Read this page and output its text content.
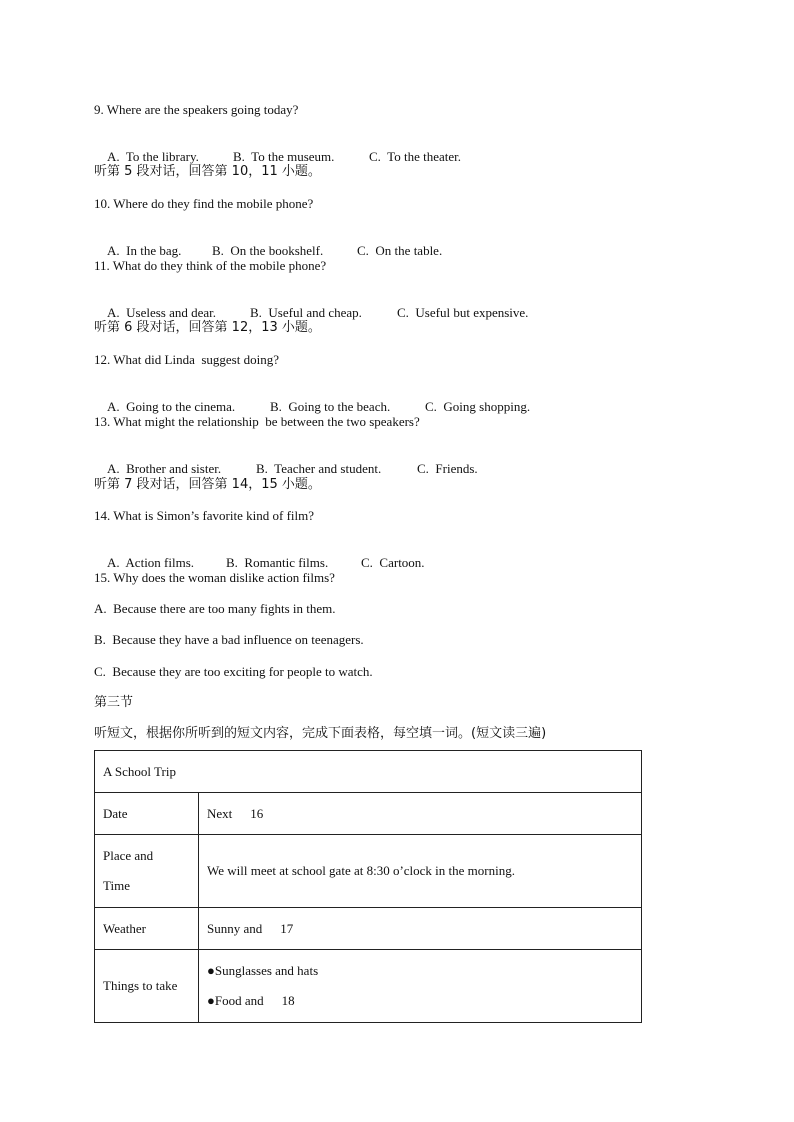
9. Where are the speakers going today?

A.  To the library.	B.  To the museum.	C.  To the theater.

听第 5 段对话，回答第 10，11 小题。
10. Where do they find the mobile phone?

A.  In the bag. B.  On the bookshelf.	C.  On the table.

11. What do they think of the mobile phone?

A.  Useless and dear.	B.  Useful and cheap.	C.  Useful but expensive.

听第 6 段对话，回答第 12，13 小题。
12. What did Linda  suggest doing?

A.  Going to the cinema.	B.  Going to the beach.	C.  Going shopping.

13. What might the relationship  be between the two speakers?

A.  Brother and sister.	B.  Teacher and student.	C.  Friends.

听第 7 段对话，回答第 14，15 小题。
14. What is Simon’s favorite kind of film?

A.  Action films. B.  Romantic films.	C.  Cartoon.

15. Why does the woman dislike action films?
A.  Because there are too many fights in them.
B.  Because they have a bad influence on teenagers.
C.  Because they are too exciting for people to watch.
第三节
听短文，根据你所听到的短文内容，完成下面表格，每空填一词。(短文读三遍)
A School Trip	
Date	Next 16

Place and
Time	We will meet at school gate at 8:30 o’clock in the morning.
Weather	Sunny and 17
Things to take	●Sunglasses and hats
●Food and 18
